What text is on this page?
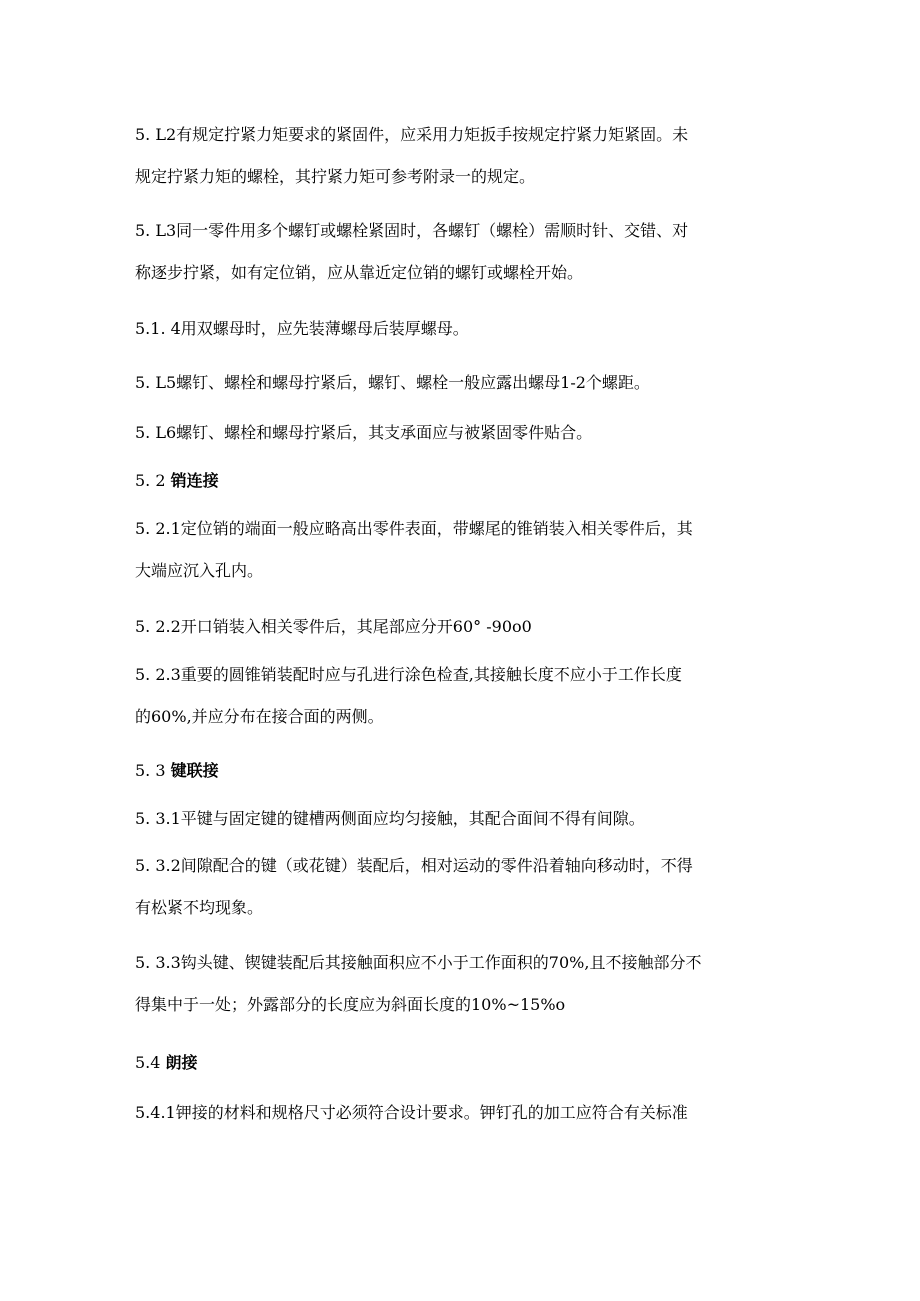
5. L2有规定拧紧力矩要求的紧固件，应采用力矩扳手按规定拧紧力矩紧固。未
规定拧紧力矩的螺栓，其拧紧力矩可参考附录一的规定。

5. L3同一零件用多个螺钉或螺栓紧固时，各螺钉（螺栓）需顺时针、交错、对
称逐步拧紧，如有定位销，应从靠近定位销的螺钉或螺栓开始。

5.1. 4用双螺母时，应先装薄螺母后装厚螺母。

5. L5螺钉、螺栓和螺母拧紧后，螺钉、螺栓一般应露出螺母1-2个螺距。

5. L6螺钉、螺栓和螺母拧紧后，其支承面应与被紧固零件贴合。

5. 2 销连接

5. 2.1定位销的端面一般应略高出零件表面，带螺尾的锥销装入相关零件后，其
大端应沉入孔内。

5. 2.2开口销装入相关零件后，其尾部应分开60° -90o0

5. 2.3重要的圆锥销装配时应与孔进行涂色检查,其接触长度不应小于工作长度
的60%,并应分布在接合面的两侧。

5. 3 键联接

5. 3.1平键与固定键的键槽两侧面应均匀接触，其配合面间不得有间隙。

5. 3.2间隙配合的键（或花键）装配后，相对运动的零件沿着轴向移动时，不得
有松紧不均现象。

5. 3.3钩头键、锲键装配后其接触面积应不小于工作面积的70%,且不接触部分不
得集中于一处；外露部分的长度应为斜面长度的10%~15%o

5.4 朗接

5.4.1钾接的材料和规格尺寸必须符合设计要求。钾钉孔的加工应符合有关标准
